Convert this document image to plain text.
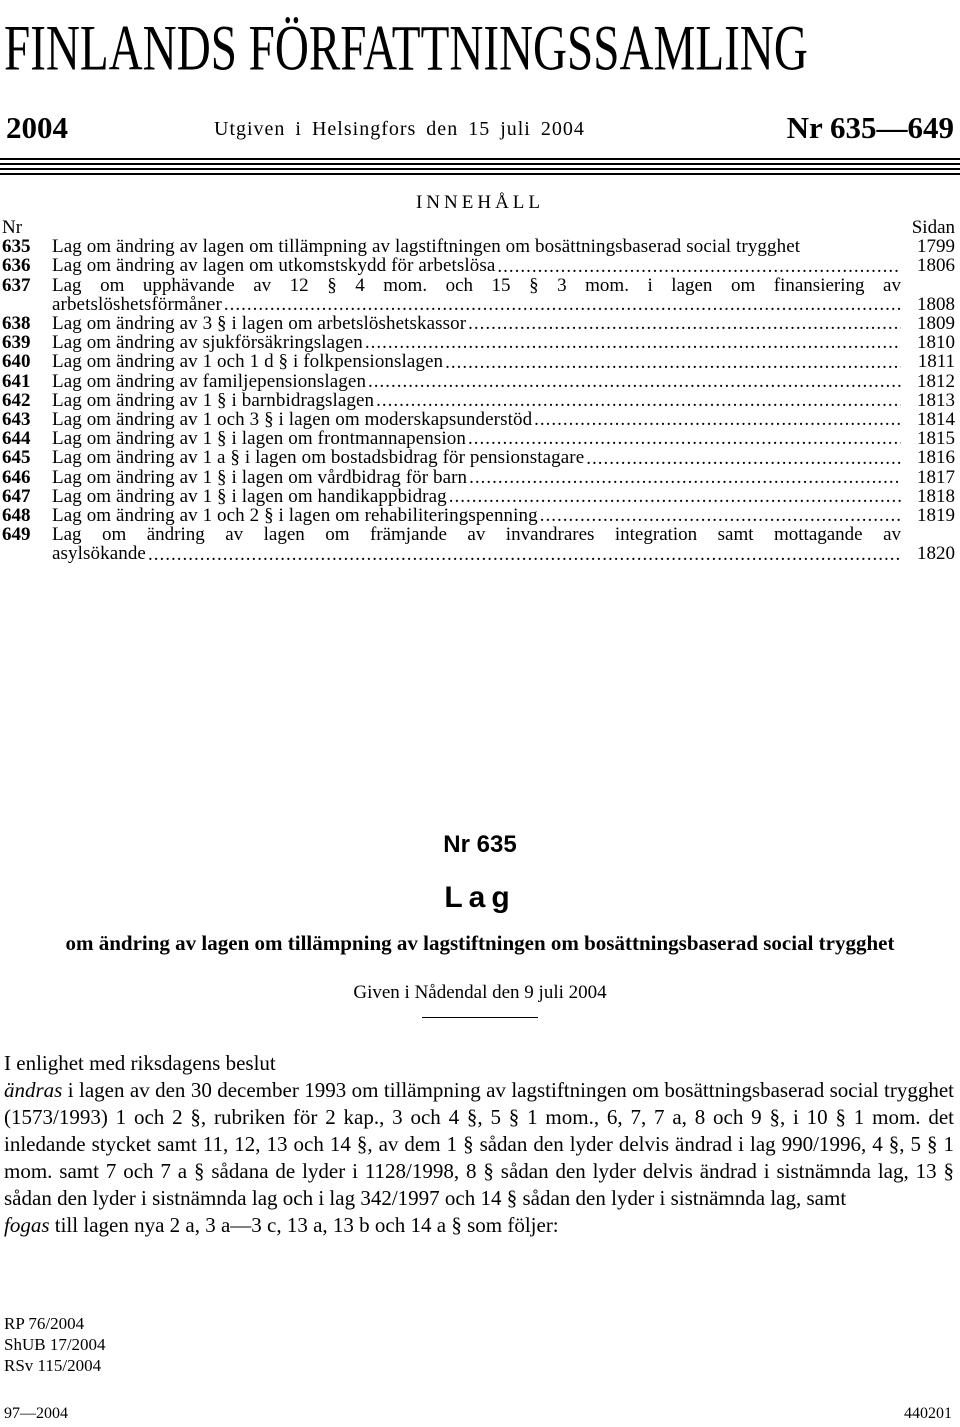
FINLANDS FÖRFATTNINGSSAMLING
2004	Utgiven i Helsingfors den 15 juli 2004	Nr 635—649
INNEHÅLL
Nr	Sidan
635	Lag om ändring av lagen om tillämpning av lagstiftningen om bosättningsbaserad social trygghet	1799
636	Lag om ändring av lagen om utkomstskydd för arbetslösa .....	1806
637	Lag om upphävande av 12 § 4 mom. och 15 § 3 mom. i lagen om finansiering av
arbetslöshetsförmåner .....	1808
638	Lag om ändring av 3 § i lagen om arbetslöshetskassor .....	1809
639	Lag om ändring av sjukförsäkringslagen .....	1810
640	Lag om ändring av 1 och 1 d § i folkpensionslagen .....	1811
641	Lag om ändring av familjepensionslagen .....	1812
642	Lag om ändring av 1 § i barnbidragslagen .....	1813
643	Lag om ändring av 1 och 3 § i lagen om moderskapsunderstöd .....	1814
644	Lag om ändring av 1 § i lagen om frontmannapension .....	1815
645	Lag om ändring av 1 a § i lagen om bostadsbidrag för pensionstagare .....	1816
646	Lag om ändring av 1 § i lagen om vårdbidrag för barn .....	1817
647	Lag om ändring av 1 § i lagen om handikappbidrag .....	1818
648	Lag om ändring av 1 och 2 § i lagen om rehabiliteringspenning .....	1819
649	Lag om ändring av lagen om främjande av invandrares integration samt mottagande av
asylsökande .....	1820
Nr 635
Lag
om ändring av lagen om tillämpning av lagstiftningen om bosättningsbaserad social trygghet
Given i Nådendal den 9 juli 2004

I enlighet med riksdagens beslut

ändras i lagen av den 30 december 1993 om tillämpning av lagstiftningen om bosättningsbaserad social trygghet (1573/1993) 1 och 2 §, rubriken för 2 kap., 3 och 4 §, 5 § 1 mom., 6, 7, 7 a, 8 och 9 §, i 10 § 1 mom. det inledande stycket samt 11, 12, 13 och 14 §, av dem 1 § sådan den lyder delvis ändrad i lag 990/1996, 4 §, 5 § 1 mom. samt 7 och 7 a § sådana de lyder i 1128/1998, 8 § sådan den lyder delvis ändrad i sistnämnda lag, 13 § sådan den lyder i sistnämnda lag och i lag 342/1997 och 14 § sådan den lyder i sistnämnda lag, samt

fogas till lagen nya 2 a, 3 a—3 c, 13 a, 13 b och 14 a § som följer:

RP 76/2004
ShUB 17/2004
RSv 115/2004
97—2004	440201
